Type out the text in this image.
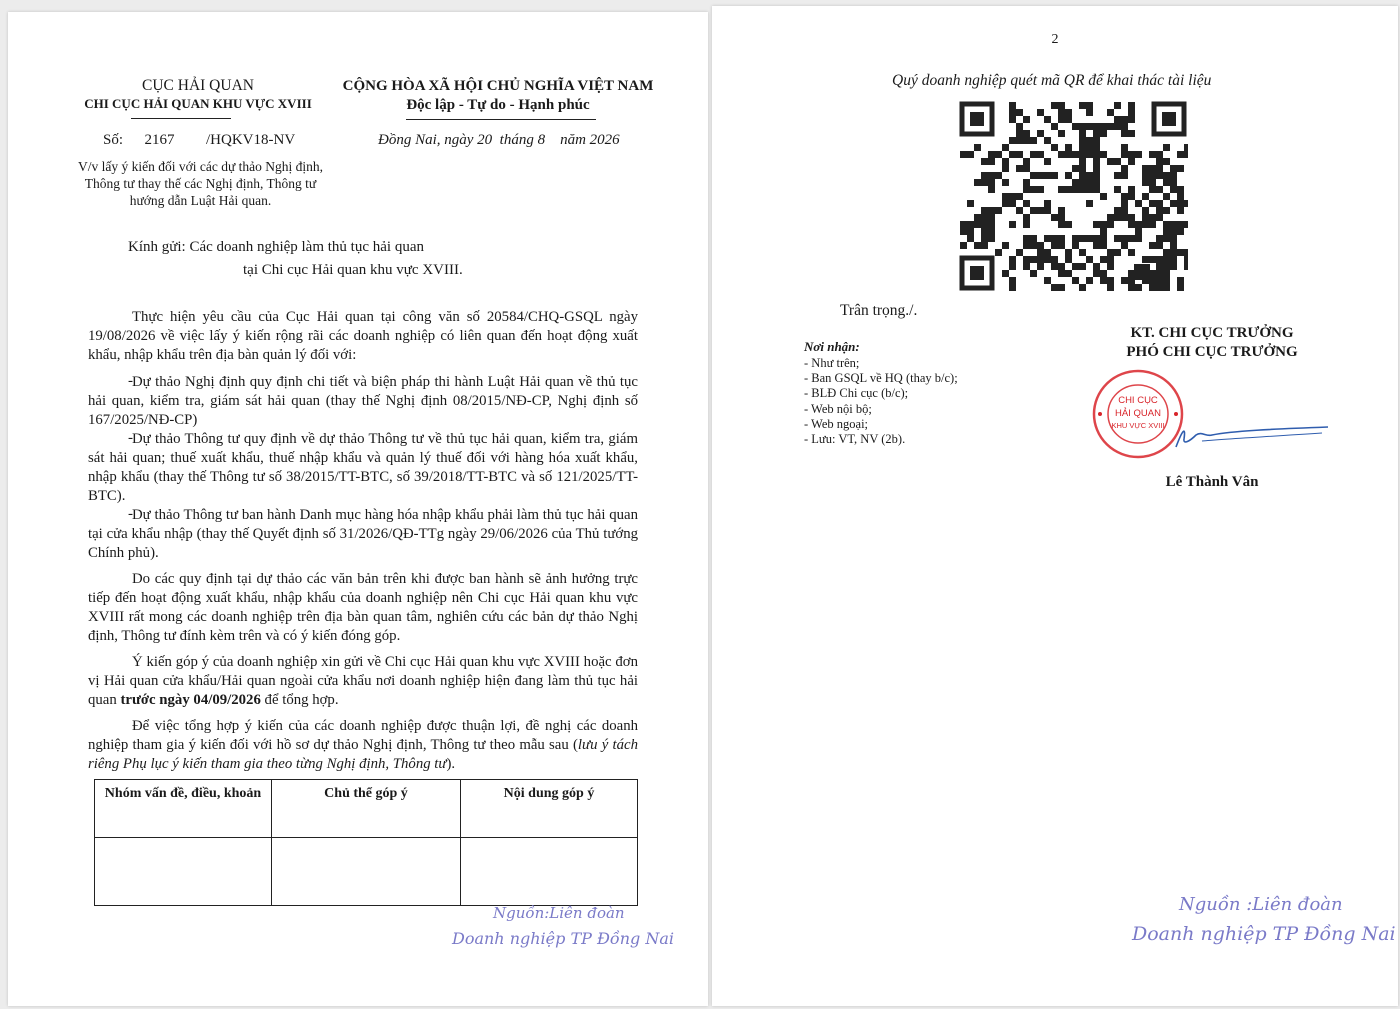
CỤC HẢI QUAN
CHI CỤC HẢI QUAN KHU VỰC XVIII
CỘNG HÒA XÃ HỘI CHỦ NGHĨA VIỆT NAM
Độc lập - Tự do - Hạnh phúc
Số: 2167 /HQKV18-NV	Đồng Nai, ngày 20  tháng 8    năm 2026
V/v lấy ý kiến đối với các dự thảo Nghị định, Thông tư thay thế các Nghị định, Thông tư hướng dẫn Luật Hải quan.
Kính gửi: Các doanh nghiệp làm thủ tục hải quan
tại Chi cục Hải quan khu vực XVIII.
Thực hiện yêu cầu của Cục Hải quan tại công văn số 20584/CHQ-GSQL ngày 19/08/2026 về việc lấy ý kiến rộng rãi các doanh nghiệp có liên quan đến hoạt động xuất khẩu, nhập khẩu trên địa bàn quản lý đối với:
- Dự thảo Nghị định quy định chi tiết và biện pháp thi hành Luật Hải quan về thủ tục hải quan, kiểm tra, giám sát hải quan (thay thế Nghị định 08/2015/NĐ-CP, Nghị định số 167/2025/NĐ-CP)
- Dự thảo Thông tư quy định về dự thảo Thông tư về thủ tục hải quan, kiểm tra, giám sát hải quan; thuế xuất khẩu, thuế nhập khẩu và quản lý thuế đối với hàng hóa xuất khẩu, nhập khẩu (thay thế Thông tư số 38/2015/TT-BTC, số 39/2018/TT-BTC và số 121/2025/TT-BTC).
- Dự thảo Thông tư ban hành Danh mục hàng hóa nhập khẩu phải làm thủ tục hải quan tại cửa khẩu nhập (thay thế Quyết định số 31/2026/QĐ-TTg ngày 29/06/2026 của Thủ tướng Chính phủ).
Do các quy định tại dự thảo các văn bản trên khi được ban hành sẽ ảnh hưởng trực tiếp đến hoạt động xuất khẩu, nhập khẩu của doanh nghiệp nên Chi cục Hải quan khu vực XVIII rất mong các doanh nghiệp trên địa bàn quan tâm, nghiên cứu các bản dự thảo Nghị định, Thông tư đính kèm trên và có ý kiến đóng góp.
Ý kiến góp ý của doanh nghiệp xin gửi về Chi cục Hải quan khu vực XVIII hoặc đơn vị Hải quan cửa khẩu/Hải quan ngoài cửa khẩu nơi doanh nghiệp hiện đang làm thủ tục hải quan trước ngày 04/09/2026 để tổng hợp.
Để việc tổng hợp ý kiến của các doanh nghiệp được thuận lợi, đề nghị các doanh nghiệp tham gia ý kiến đối với hồ sơ dự thảo Nghị định, Thông tư theo mẫu sau (lưu ý tách riêng Phụ lục ý kiến tham gia theo từng Nghị định, Thông tư).
Nhóm vấn đề, điều, khoản	Chủ thể góp ý	Nội dung góp ý

Nguồn:Liên đoàn
Doanh nghiệp TP Đồng Nai
2
Quý doanh nghiệp quét mã QR để khai thác tài liệu
Trân trọng./.
Nơi nhận:
- Như trên;
- Ban GSQL về HQ (thay b/c);
- BLĐ Chi cục (b/c);
- Web nội bộ;
- Web ngoại;
- Lưu: VT, NV (2b).
KT. CHI CỤC TRƯỞNG
PHÓ CHI CỤC TRƯỞNG
CHI CỤC
HẢI QUAN
KHU VỰC XVIII
Lê Thành Vân
Nguồn :Liên đoàn
Doanh nghiệp TP Đồng Nai
